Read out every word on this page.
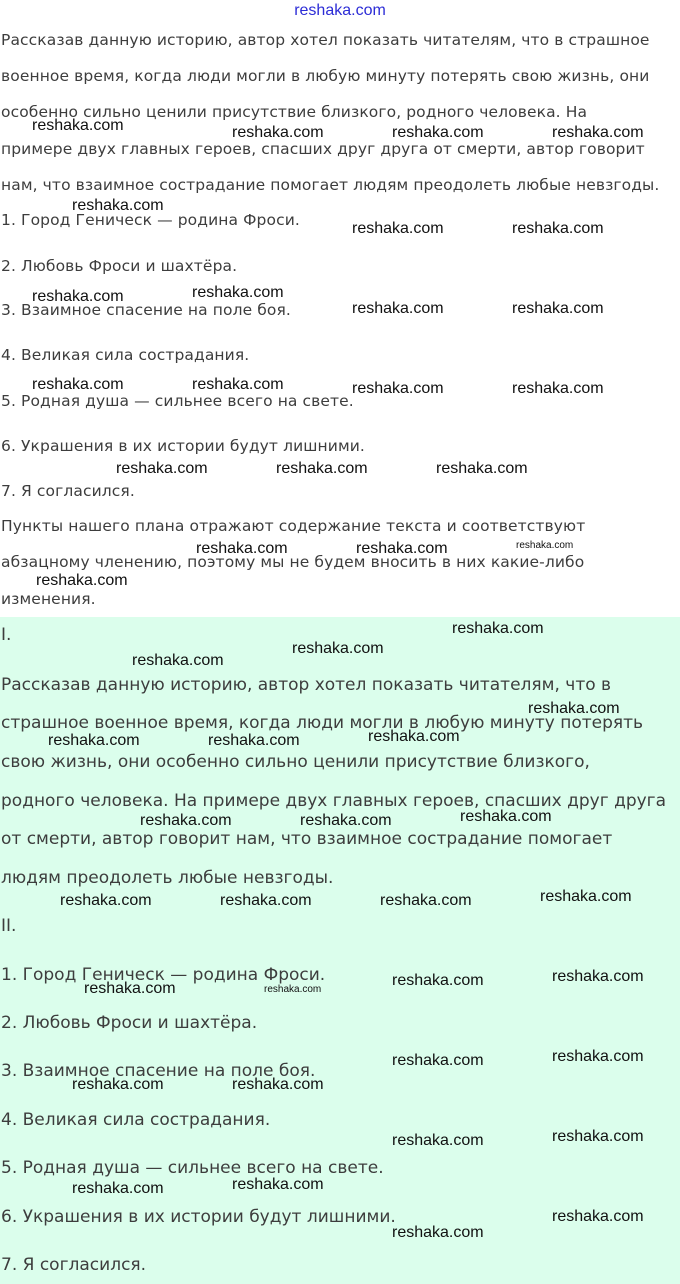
reshaka.com
Рассказав данную историю, автор хотел показать читателям, что в страшное
военное время, когда люди могли в любую минуту потерять свою жизнь, они
особенно сильно ценили присутствие близкого, родного человека. На
примере двух главных героев, спасших друг друга от смерти, автор говорит
нам, что взаимное сострадание помогает людям преодолеть любые невзгоды.
1. Город Геническ — родина Фроси.
2. Любовь Фроси и шахтёра.
3. Взаимное спасение на поле боя.
4. Великая сила сострадания.
5. Родная душа — сильнее всего на свете.
6. Украшения в их истории будут лишними.
7. Я согласился.
Пункты нашего плана отражают содержание текста и соответствуют
абзацному членению, поэтому мы не будем вносить в них какие-либо
изменения.
I.
Рассказав данную историю, автор хотел показать читателям, что в
страшное военное время, когда люди могли в любую минуту потерять
свою жизнь, они особенно сильно ценили присутствие близкого,
родного человека. На примере двух главных героев, спасших друг друга
от смерти, автор говорит нам, что взаимное сострадание помогает
людям преодолеть любые невзгоды.
II.
1. Город Геническ — родина Фроси.
2. Любовь Фроси и шахтёра.
3. Взаимное спасение на поле боя.
4. Великая сила сострадания.
5. Родная душа — сильнее всего на свете.
6. Украшения в их истории будут лишними.
7. Я согласился.
reshaka.com
reshaka.com
reshaka.com	reshaka.com	reshaka.com
reshaka.com	reshaka.com
reshaka.com	reshaka.com
reshaka.com	reshaka.com
reshaka.com	reshaka.com	reshaka.com	reshaka.com
reshaka.com	reshaka.com	reshaka.com
reshaka.com	reshaka.com	reshaka.com
reshaka.com
reshaka.com
reshaka.com
reshaka.com
reshaka.com
reshaka.com	reshaka.com	reshaka.com
reshaka.com	reshaka.com	reshaka.com
reshaka.com	reshaka.com	reshaka.com	reshaka.com
reshaka.com	reshaka.com
reshaka.com	reshaka.com
reshaka.com	reshaka.com
reshaka.com	reshaka.com
reshaka.com	reshaka.com
reshaka.com	reshaka.com
reshaka.com
reshaka.com
